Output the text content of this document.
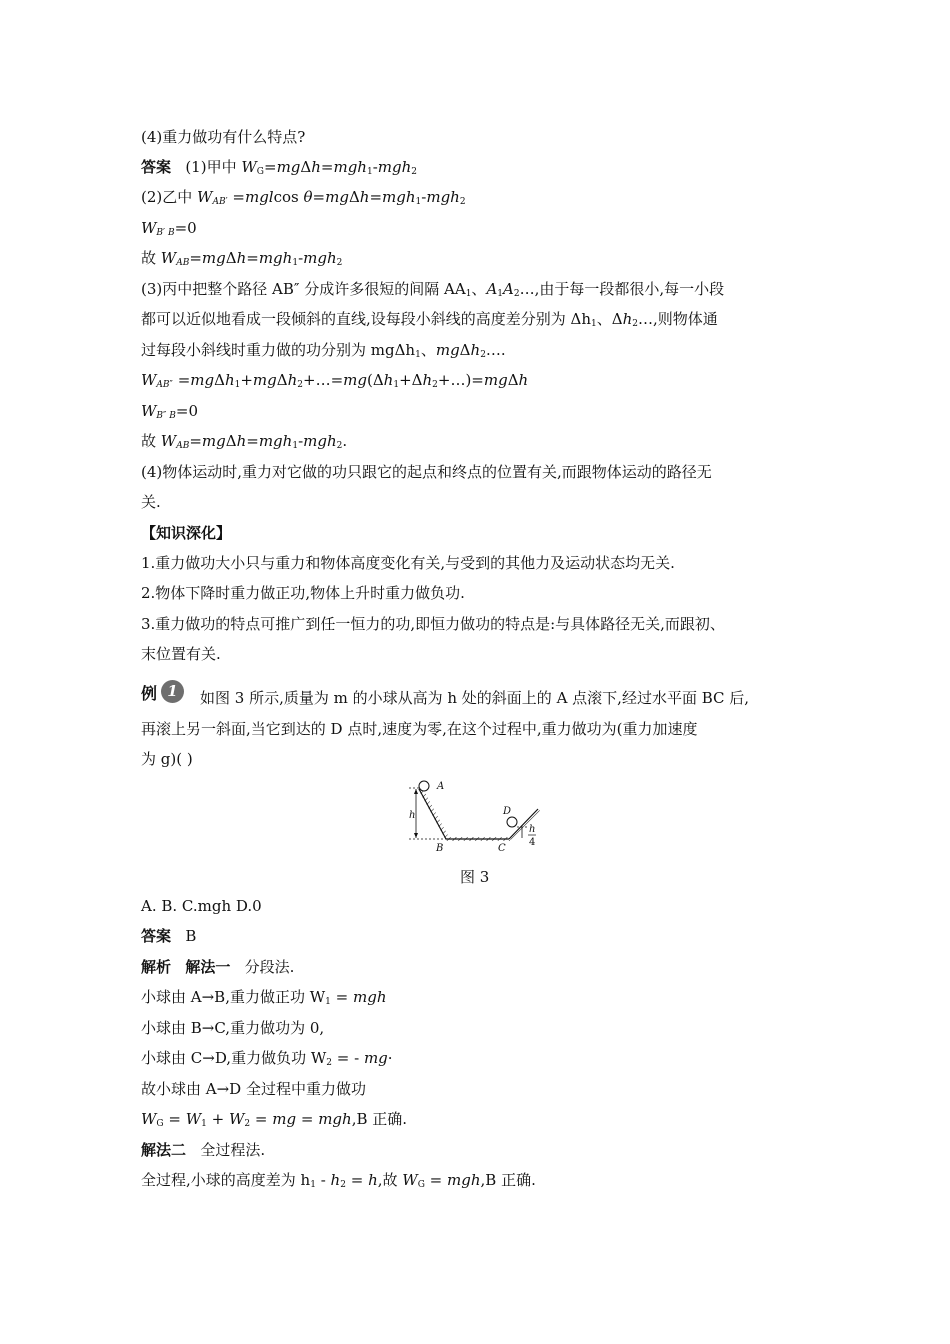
(4)重力做功有什么特点?
答案 (1)甲中 $W_G=mg\Delta h=mgh_1-mgh_2$
(2)乙中 $W_{AB'} =mglcos$ θ=mgΔh=mgh$_1$-mgh$_2$
$W_{B' B}=0$
故 $W_{AB}=mg\Delta h=mgh_1-mgh_2$
(3)丙中把整个路径 AB″ 分成许多很短的间隔 $AA_1$、$A_1A_2\dots$,由于每一段都很小,每一小段
都可以近似地看成一段倾斜的直线,设每段小斜线的高度差分别为 $\Delta h_1$、$\Delta h_2\dots$,则物体通
过每段小斜线时重力做的功分别为 mgΔh$_1$、mgΔh$_2$….
$W_{AB''}$ $=mg\Delta h_1+mg\Delta h_2+\dots=mg(\Delta h_1+\Delta h_2+\dots)=mg\Delta h$
$W_{B'' B}=0$
故 $W_{AB}=mg\Delta h=mgh_1-mgh_2$.
(4)物体运动时,重力对它做的功只跟它的起点和终点的位置有关,而跟物体运动的路径无
关.
【知识深化】
1.重力做功大小只与重力和物体高度变化有关,与受到的其他力及运动状态均无关.
2.物体下降时重力做正功,物体上升时重力做负功.
3.重力做功的特点可推广到任一恒力的功,即恒力做功的特点是:与具体路径无关,而跟初、
末位置有关.
例 1	如图 3 所示,质量为 m 的小球从高为 h 处的斜面上的 A 点滚下,经过水平面 BC 后,
再滚上另一斜面,当它到达的 D 点时,速度为零,在这个过程中,重力做功为(重力加速度
为 g)( )
A
B	C
D
h
h
4
图 3
A. B. C.mgh D.0
答案 B
解析 解法一 分段法.
小球由 A→B,重力做正功 $W_1$ = mgh
小球由 B→C,重力做功为 0,
小球由 C→D,重力做负功 $W_2$ = - mg·
故小球由 A→D 全过程中重力做功
$W_G = W_1 + W_2$ = mg = mgh,B 正确.
解法二 全过程法.
全过程,小球的高度差为 $h_1 - h_2 = h$,故 $W_G = mgh,B$ 正确.
